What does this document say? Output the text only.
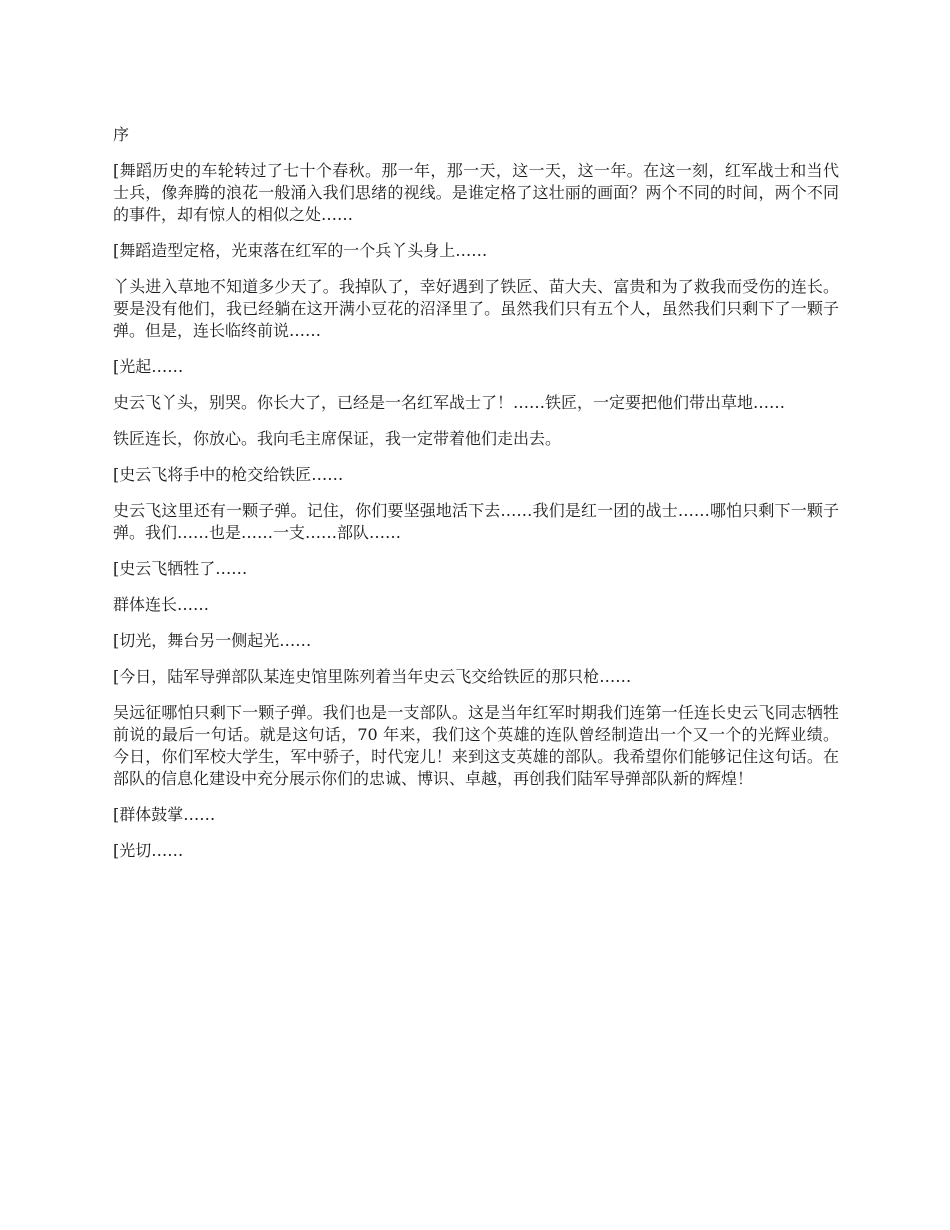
序

[舞蹈历史的车轮转过了七十个春秋。那一年，那一天，这一天，这一年。在这一刻，红军战士和当代士兵，像奔腾的浪花一般涌入我们思绪的视线。是谁定格了这壮丽的画面？两个不同的时间，两个不同的事件，却有惊人的相似之处……

[舞蹈造型定格，光束落在红军的一个兵丫头身上……

丫头进入草地不知道多少天了。我掉队了，幸好遇到了铁匠、苗大夫、富贵和为了救我而受伤的连长。要是没有他们，我已经躺在这开满小豆花的沼泽里了。虽然我们只有五个人，虽然我们只剩下了一颗子弹。但是，连长临终前说……

[光起……

史云飞丫头，别哭。你长大了，已经是一名红军战士了！……铁匠，一定要把他们带出草地……

铁匠连长，你放心。我向毛主席保证，我一定带着他们走出去。

[史云飞将手中的枪交给铁匠……

史云飞这里还有一颗子弹。记住，你们要坚强地活下去……我们是红一团的战士……哪怕只剩下一颗子弹。我们……也是……一支……部队……

[史云飞牺牲了……

群体连长……

[切光，舞台另一侧起光……

[今日，陆军导弹部队某连史馆里陈列着当年史云飞交给铁匠的那只枪……

吴远征哪怕只剩下一颗子弹。我们也是一支部队。这是当年红军时期我们连第一任连长史云飞同志牺牲前说的最后一句话。就是这句话，70 年来，我们这个英雄的连队曾经制造出一个又一个的光辉业绩。今日，你们军校大学生，军中骄子，时代宠儿！来到这支英雄的部队。我希望你们能够记住这句话。在部队的信息化建设中充分展示你们的忠诚、博识、卓越，再创我们陆军导弹部队新的辉煌！

[群体鼓掌……

[光切……
